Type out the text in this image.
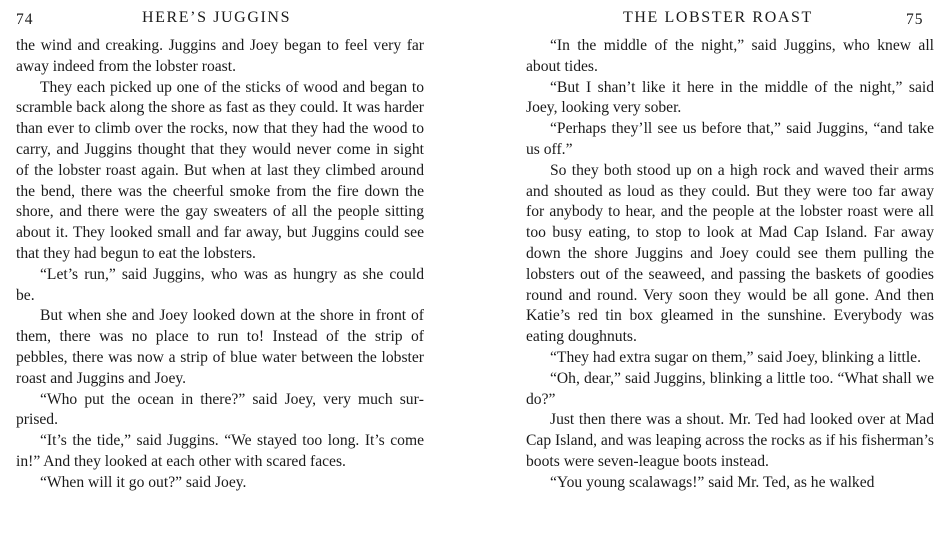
74	HERE’S JUGGINS

the wind and creaking. Juggins and Joey began to feel very far away indeed from the lobster roast.

They each picked up one of the sticks of wood and began to scramble back along the shore as fast as they could. It was harder than ever to climb over the rocks, now that they had the wood to carry, and Juggins thought that they would never come in sight of the lobster roast again. But when at last they climbed around the bend, there was the cheerful smoke from the fire down the shore, and there were the gay sweaters of all the people sitting about it. They looked small and far away, but Juggins could see that they had begun to eat the lobsters.

“Let’s run,” said Juggins, who was as hungry as she could be.

But when she and Joey looked down at the shore in front of them, there was no place to run to! Instead of the strip of pebbles, there was now a strip of blue water between the lobster roast and Juggins and Joey.

“Who put the ocean in there?” said Joey, very much surprised.

“It’s the tide,” said Juggins. “We stayed too long. It’s come in!” And they looked at each other with scared faces.

“When will it go out?” said Joey.

THE LOBSTER ROAST	75

“In the middle of the night,” said Juggins, who knew all about tides.

“But I shan’t like it here in the middle of the night,” said Joey, looking very sober.

“Perhaps they’ll see us before that,” said Juggins, “and take us off.”

So they both stood up on a high rock and waved their arms and shouted as loud as they could. But they were too far away for anybody to hear, and the people at the lobster roast were all too busy eating, to stop to look at Mad Cap Island. Far away down the shore Juggins and Joey could see them pulling the lobsters out of the seaweed, and passing the baskets of goodies round and round. Very soon they would be all gone. And then Katie’s red tin box gleamed in the sunshine. Everybody was eating doughnuts.

“They had extra sugar on them,” said Joey, blinking a little.

“Oh, dear,” said Juggins, blinking a little too. “What shall we do?”

Just then there was a shout. Mr. Ted had looked over at Mad Cap Island, and was leaping across the rocks as if his fisherman’s boots were seven-league boots instead.

“You young scalawags!” said Mr. Ted, as he walked
